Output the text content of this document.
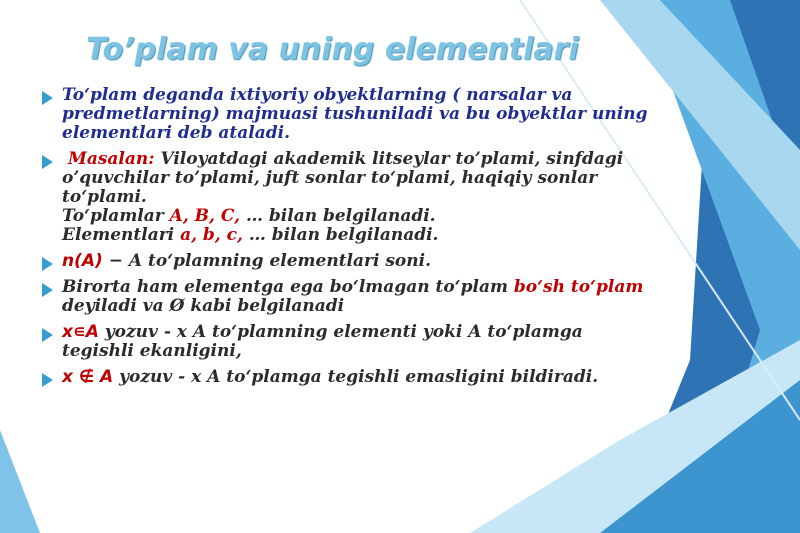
To’plam va uning elementlari

To‘plam deganda ixtiyoriy obyektlarning ( narsalar va
predmetlarning) majmuasi tushuniladi va bu obyektlar uning
elementlari deb ataladi.

Masalan: Viloyatdagi akademik litseylar to’plami, sinfdagi
o’quvchilar to’plami, juft sonlar to‘plami, haqiqiy sonlar
to‘plami.
To‘plamlar A, B, C, … bilan belgilanadi.
Elementlari a, b, c, … bilan belgilanadi.

n(A) − A to‘plamning elementlari soni.

Birorta ham elementga ega bo‘lmagan to‘plam bo‘sh to‘plam
deyiladi va Ø kabi belgilanadi

x∊A yozuv - x A to‘plamning elementi yoki A to‘plamga
tegishli ekanligini,

x ∉ A yozuv - x A to‘plamga tegishli emasligini bildiradi.
